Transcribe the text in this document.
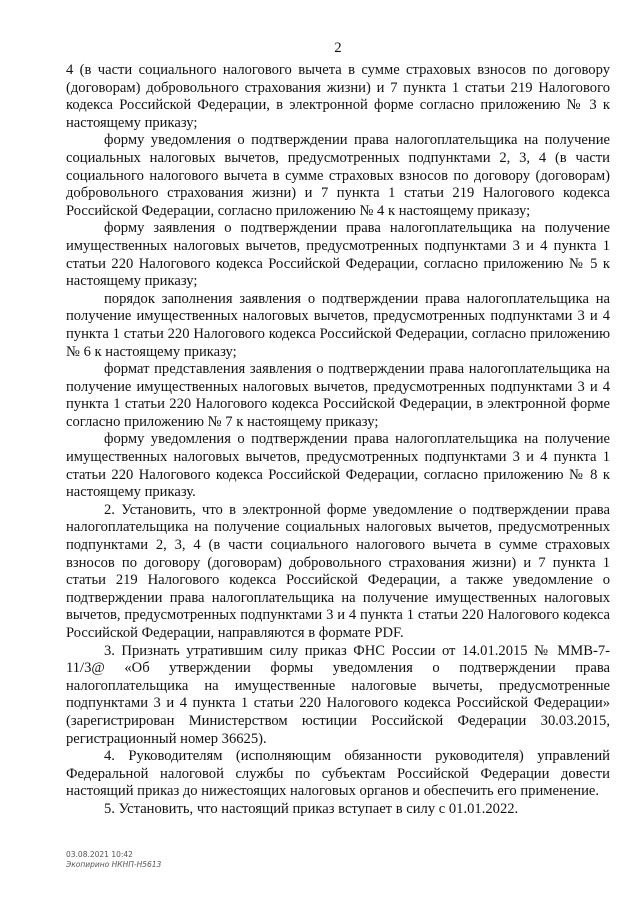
2

4 (в части социального налогового вычета в сумме страховых взносов по договору (договорам) добровольного страхования жизни) и 7 пункта 1 статьи 219 Налогового кодекса Российской Федерации, в электронной форме согласно приложению № 3 к настоящему приказу;

форму уведомления о подтверждении права налогоплательщика на получение социальных налоговых вычетов, предусмотренных подпунктами 2, 3, 4 (в части социального налогового вычета в сумме страховых взносов по договору (договорам) добровольного страхования жизни) и 7 пункта 1 статьи 219 Налогового кодекса Российской Федерации, согласно приложению № 4 к настоящему приказу;

форму заявления о подтверждении права налогоплательщика на получение имущественных налоговых вычетов, предусмотренных подпунктами 3 и 4 пункта 1 статьи 220 Налогового кодекса Российской Федерации, согласно приложению № 5 к настоящему приказу;

порядок заполнения заявления о подтверждении права налогоплательщика на получение имущественных налоговых вычетов, предусмотренных подпунктами 3 и 4 пункта 1 статьи 220 Налогового кодекса Российской Федерации, согласно приложению № 6 к настоящему приказу;

формат представления заявления о подтверждении права налогоплательщика на получение имущественных налоговых вычетов, предусмотренных подпунктами 3 и 4 пункта 1 статьи 220 Налогового кодекса Российской Федерации, в электронной форме согласно приложению № 7 к настоящему приказу;

форму уведомления о подтверждении права налогоплательщика на получение имущественных налоговых вычетов, предусмотренных подпунктами 3 и 4 пункта 1 статьи 220 Налогового кодекса Российской Федерации, согласно приложению № 8 к настоящему приказу.

2. Установить, что в электронной форме уведомление о подтверждении права налогоплательщика на получение социальных налоговых вычетов, предусмотренных подпунктами 2, 3, 4 (в части социального налогового вычета в сумме страховых взносов по договору (договорам) добровольного страхования жизни) и 7 пункта 1 статьи 219 Налогового кодекса Российской Федерации, а также уведомление о подтверждении права налогоплательщика на получение имущественных налоговых вычетов, предусмотренных подпунктами 3 и 4 пункта 1 статьи 220 Налогового кодекса Российской Федерации, направляются в формате PDF.

3. Признать утратившим силу приказ ФНС России от 14.01.2015 № ММВ-7-11/3@ «Об утверждении формы уведомления о подтверждении права налогоплательщика на имущественные налоговые вычеты, предусмотренные подпунктами 3 и 4 пункта 1 статьи 220 Налогового кодекса Российской Федерации» (зарегистрирован Министерством юстиции Российской Федерации 30.03.2015, регистрационный номер 36625).

4. Руководителям (исполняющим обязанности руководителя) управлений Федеральной налоговой службы по субъектам Российской Федерации довести настоящий приказ до нижестоящих налоговых органов и обеспечить его применение.

5. Установить, что настоящий приказ вступает в силу с 01.01.2022.

03.08.2021 10:42
Экопирино НКНП-Н5613
